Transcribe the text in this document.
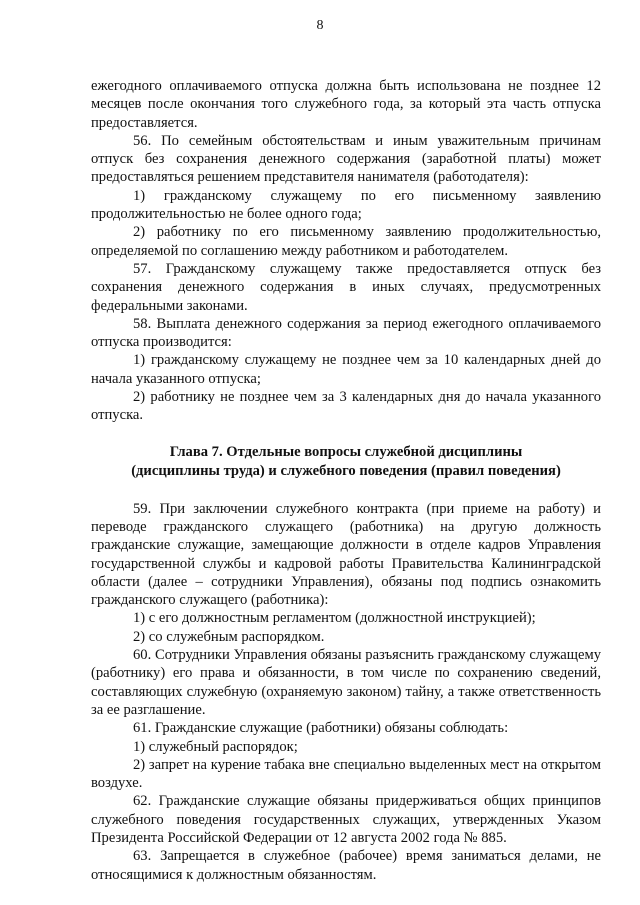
8

ежегодного оплачиваемого отпуска должна быть использована не позднее 12 месяцев после окончания того служебного года, за который эта часть отпуска предоставляется.

56. По семейным обстоятельствам и иным уважительным причинам отпуск без сохранения денежного содержания (заработной платы) может предоставляться решением представителя нанимателя (работодателя):

1) гражданскому служащему по его письменному заявлению продолжительностью не более одного года;

2) работнику по его письменному заявлению продолжительностью, определяемой по соглашению между работником и работодателем.

57. Гражданскому служащему также предоставляется отпуск без сохранения денежного содержания в иных случаях, предусмотренных федеральными законами.

58. Выплата денежного содержания за период ежегодного оплачиваемого отпуска производится:

1) гражданскому служащему не позднее чем за 10 календарных дней до начала указанного отпуска;

2) работнику не позднее чем за 3 календарных дня до начала указанного отпуска.

Глава 7. Отдельные вопросы служебной дисциплины
(дисциплины труда) и служебного поведения (правил поведения)

59. При заключении служебного контракта (при приеме на работу) и переводе гражданского служащего (работника) на другую должность гражданские служащие, замещающие должности в отделе кадров Управления государственной службы и кадровой работы Правительства Калининградской области (далее – сотрудники Управления), обязаны под подпись ознакомить гражданского служащего (работника):

1) с его должностным регламентом (должностной инструкцией);

2) со служебным распорядком.

60. Сотрудники Управления обязаны разъяснить гражданскому служащему (работнику) его права и обязанности, в том числе по сохранению сведений, составляющих служебную (охраняемую законом) тайну, а также ответственность за ее разглашение.

61. Гражданские служащие (работники) обязаны соблюдать:

1) служебный распорядок;

2) запрет на курение табака вне специально выделенных мест на открытом воздухе.

62. Гражданские служащие обязаны придерживаться общих принципов служебного поведения государственных служащих, утвержденных Указом Президента Российской Федерации от 12 августа 2002 года № 885.

63. Запрещается в служебное (рабочее) время заниматься делами, не относящимися к должностным обязанностям.
